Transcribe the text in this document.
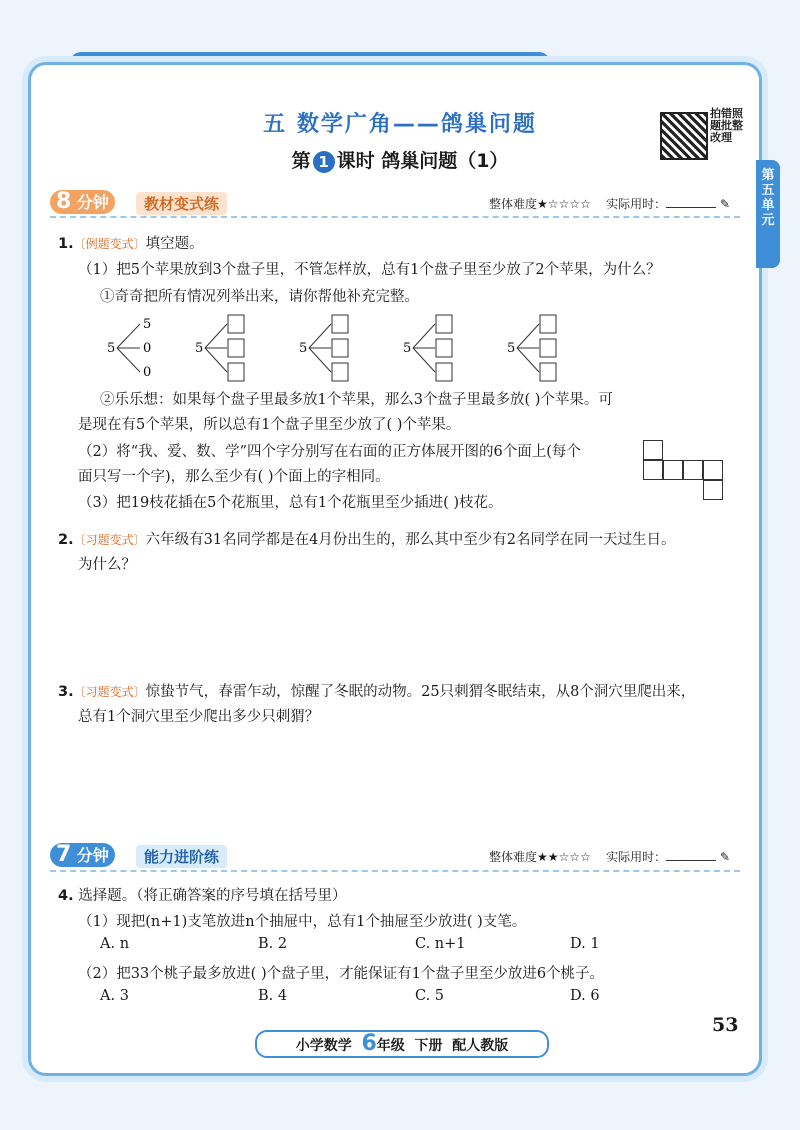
五 数学广角——鸽巢问题
第 1 课时 鸽巢问题（1）
拍错照题批整改理
第五单元
8 分钟	教材变式练	整体难度★☆☆☆☆ 实际用时：	✎
1.〔例题变式〕填空题。
（1）把5个苹果放到3个盘子里，不管怎样放，总有1个盘子里至少放了2个苹果，为什么？
①奇奇把所有情况列举出来，请你帮他补充完整。
5
5
0
0
5	5	5	5
②乐乐想：如果每个盘子里最多放1个苹果，那么3个盘子里最多放( )个苹果。可
是现在有5个苹果，所以总有1个盘子里至少放了( )个苹果。
（2）将“我、爱、数、学”四个字分别写在右面的正方体展开图的6个面上(每个
面只写一个字)，那么至少有( )个面上的字相同。
（3）把19枝花插在5个花瓶里，总有1个花瓶里至少插进( )枝花。
2.〔习题变式〕六年级有31名同学都是在4月份出生的，那么其中至少有2名同学在同一天过生日。
为什么？
3.〔习题变式〕惊蛰节气，春雷乍动，惊醒了冬眠的动物。25只刺猬冬眠结束，从8个洞穴里爬出来，
总有1个洞穴里至少爬出多少只刺猬？
7 分钟	能力进阶练	整体难度★★☆☆☆ 实际用时：	✎
4. 选择题。（将正确答案的序号填在括号里）
（1）现把(n+1)支笔放进n个抽屉中，总有1个抽屉至少放进( )支笔。
A. n	B. 2	C. n+1	D. 1
（2）把33个桃子最多放进( )个盘子里，才能保证有1个盘子里至少放进6个桃子。
A. 3	B. 4	C. 5	D. 6
53
小学数学 6年级 下册 配人教版
